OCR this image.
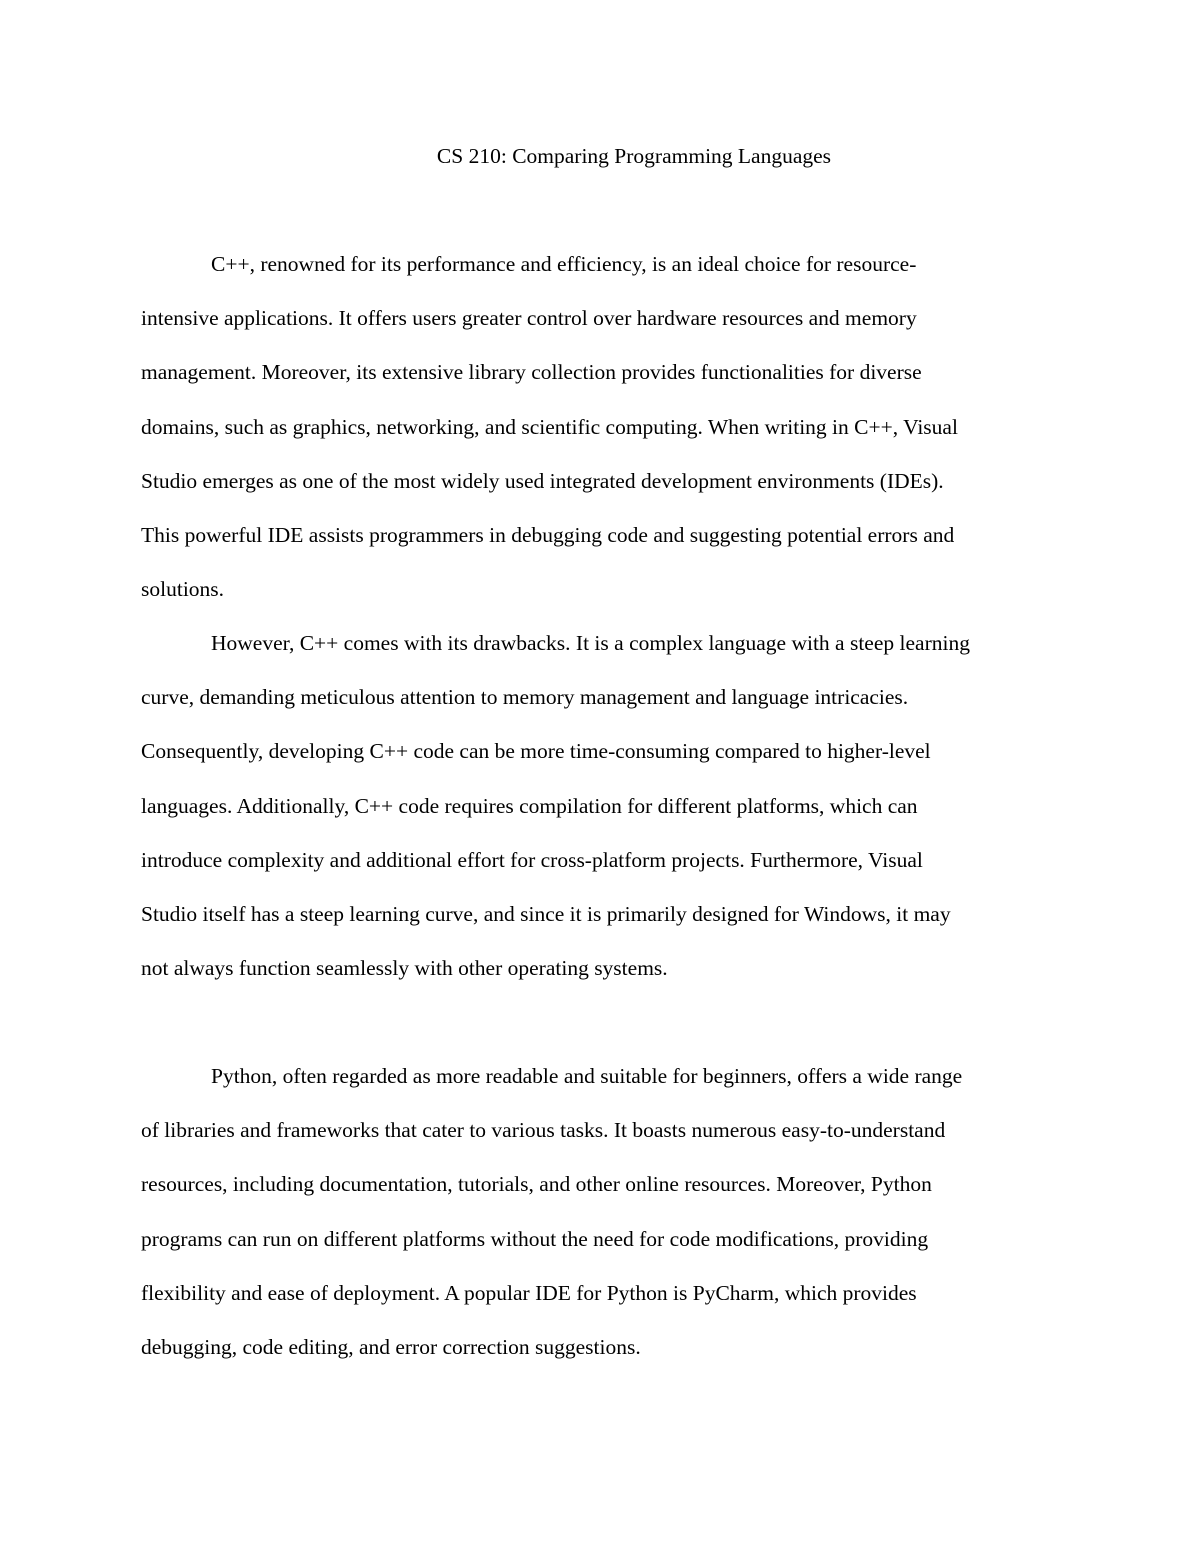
CS 210: Comparing Programming Languages
C++, renowned for its performance and efficiency, is an ideal choice for resource-
intensive applications. It offers users greater control over hardware resources and memory
management. Moreover, its extensive library collection provides functionalities for diverse
domains, such as graphics, networking, and scientific computing. When writing in C++, Visual
Studio emerges as one of the most widely used integrated development environments (IDEs).
This powerful IDE assists programmers in debugging code and suggesting potential errors and
solutions.
However, C++ comes with its drawbacks. It is a complex language with a steep learning
curve, demanding meticulous attention to memory management and language intricacies.
Consequently, developing C++ code can be more time-consuming compared to higher-level
languages. Additionally, C++ code requires compilation for different platforms, which can
introduce complexity and additional effort for cross-platform projects. Furthermore, Visual
Studio itself has a steep learning curve, and since it is primarily designed for Windows, it may
not always function seamlessly with other operating systems.
Python, often regarded as more readable and suitable for beginners, offers a wide range
of libraries and frameworks that cater to various tasks. It boasts numerous easy-to-understand
resources, including documentation, tutorials, and other online resources. Moreover, Python
programs can run on different platforms without the need for code modifications, providing
flexibility and ease of deployment. A popular IDE for Python is PyCharm, which provides
debugging, code editing, and error correction suggestions.
